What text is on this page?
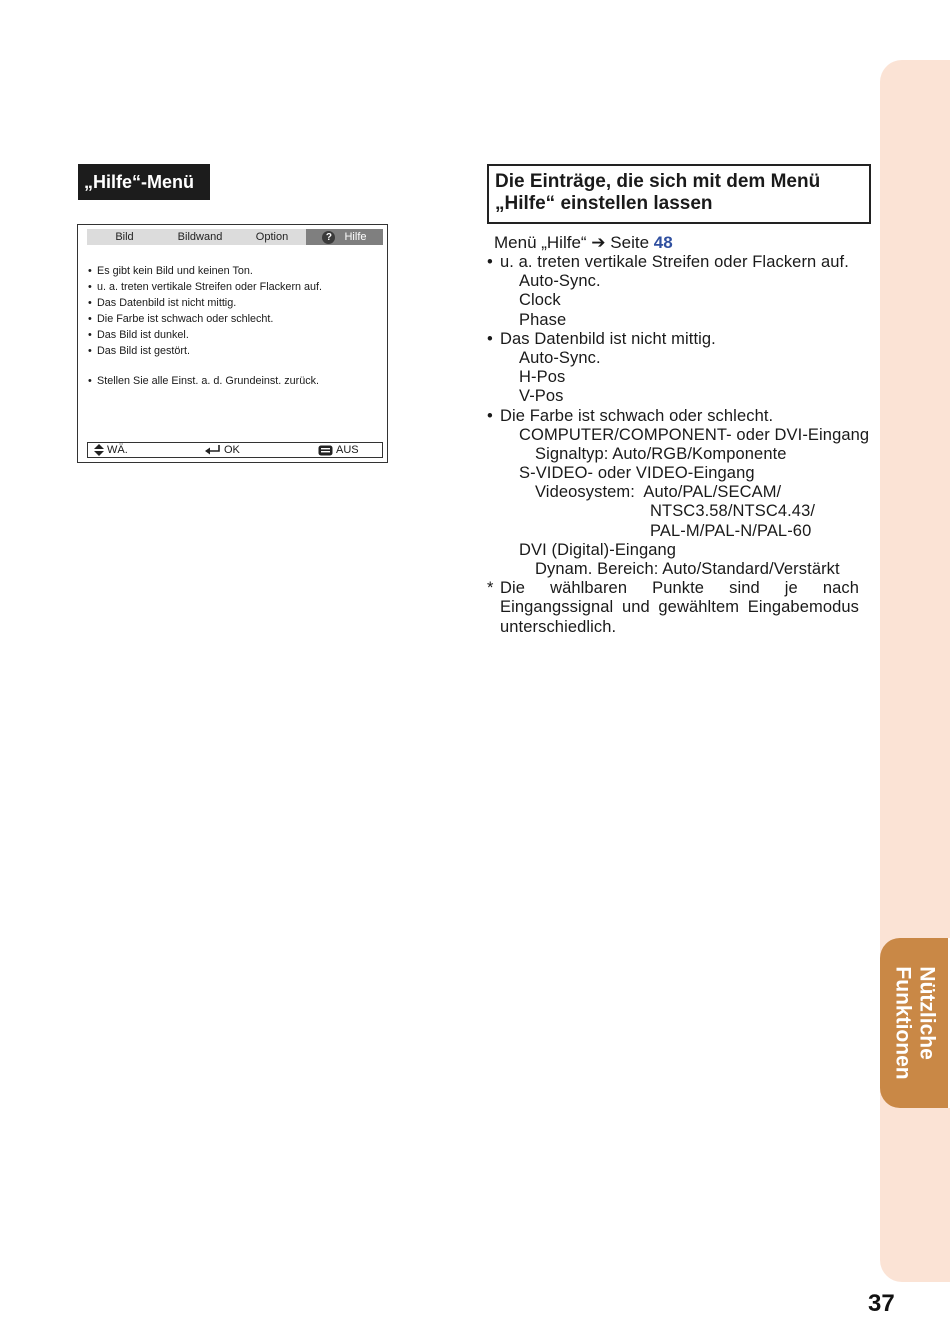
Nützliche
Funktionen
37
„Hilfe“-Menü
Bild	Bildwand	Option	?	Hilfe
• Es gibt kein Bild und keinen Ton.
• u. a. treten vertikale Streifen oder Flackern auf.
• Das Datenbild ist nicht mittig.
• Die Farbe ist schwach oder schlecht.
• Das Bild ist dunkel.
• Das Bild ist gestört.
• Stellen Sie alle Einst. a. d. Grundeinst. zurück.
WÄ.	OK	AUS
Die Einträge, die sich mit dem Menü „Hilfe“ einstellen lassen
Menü „Hilfe“ ➔ Seite 48
• u. a. treten vertikale Streifen oder Flackern auf.
Auto-Sync.
Clock
Phase
• Das Datenbild ist nicht mittig.
Auto-Sync.
H-Pos
V-Pos
• Die Farbe ist schwach oder schlecht.
COMPUTER/COMPONENT- oder DVI-Eingang
Signaltyp: Auto/RGB/Komponente
S-VIDEO- oder VIDEO-Eingang
Videosystem:  Auto/PAL/SECAM/
NTSC3.58/NTSC4.43/
PAL-M/PAL-N/PAL-60
DVI (Digital)-Eingang
Dynam. Bereich: Auto/Standard/Verstärkt
* Die wählbaren Punkte sind je nach
Eingangssignal und gewähltem Eingabemodus
unterschiedlich.
